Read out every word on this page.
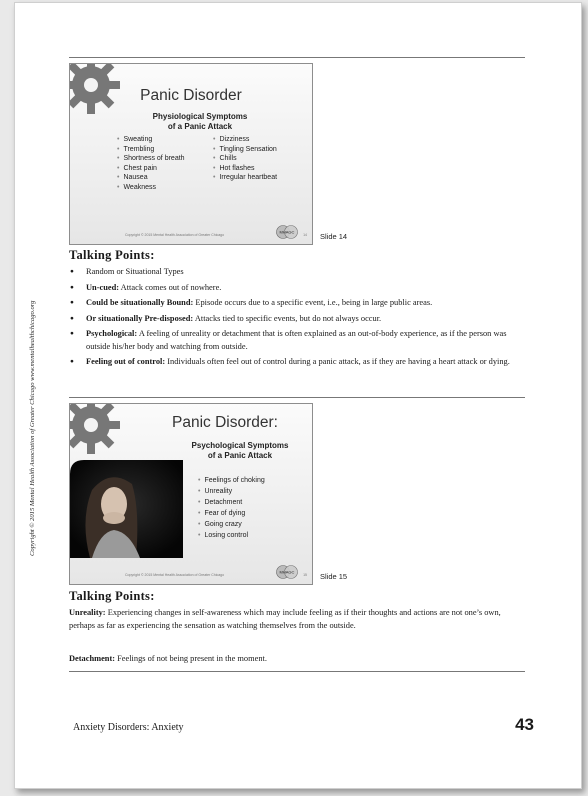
Copyright © 2015 Mental Health Association of Greater Chicago www.mentalhealthchicago.org
Panic Disorder
Physiological Symptoms
of a Panic Attack
• Sweating
• Trembling
• Shortness of breath
• Chest pain
• Nausea
• Weakness
• Dizziness
• Tingling Sensation
• Chills
• Hot flashes
• Irregular heartbeat
Copyright © 2015 Mental Health Association of Greater Chicago
MHAGC
14 Slide 14
Talking Points:
● Random or Situational Types
● Un-cued: Attack comes out of nowhere.
● Could be situationally Bound: Episode occurs due to a specific event, i.e., being in large public areas.
● Or situationally Pre-disposed: Attacks tied to specific events, but do not always occur.
● Psychological: A feeling of unreality or detachment that is often explained as an out-of-body experience, as if the person was outside his/her body and watching from outside.
● Feeling out of control: Individuals often feel out of control during a panic attack, as if they are having a heart attack or dying.
Panic Disorder:
Psychological Symptoms
of a Panic Attack
• Feelings of choking
• Unreality
• Detachment
• Fear of dying
• Going crazy
• Losing control
Copyright © 2015 Mental Health Association of Greater Chicago
MHAGC
15 Slide 15
Talking Points:

Unreality: Experiencing changes in self-awareness which may include feeling as if their thoughts and actions are not one’s own, perhaps as far as experiencing the sensation as watching themselves from the outside.

Detachment: Feelings of not being present in the moment.

Anxiety Disorders: Anxiety	43
